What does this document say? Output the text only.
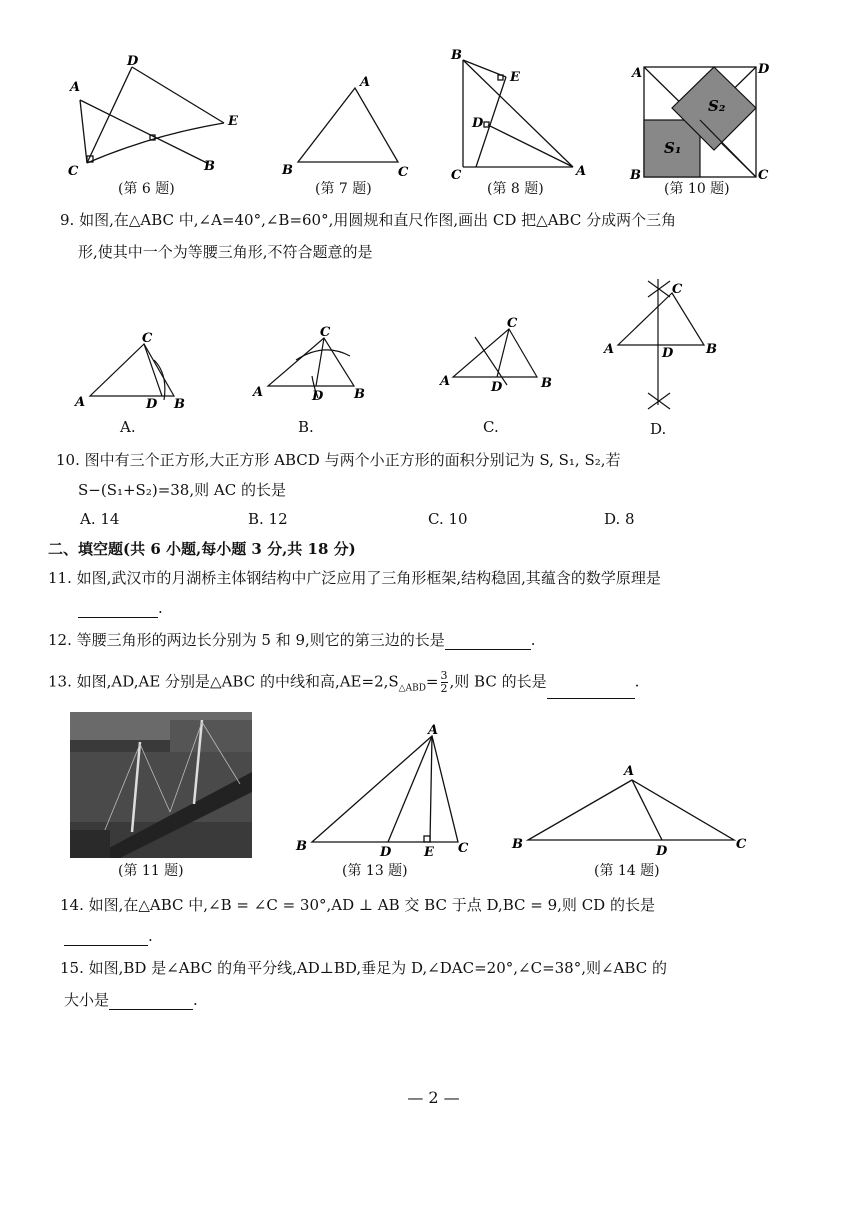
A
D
E
C	B
(第 6 题)
A
B	C
(第 7 题)
B
E
D
C	A
(第 8 题)
A	D
B	C
S₂
S₁
(第 10 题)
9. 如图,在△ABC 中,∠A=40°,∠B=60°,用圆规和直尺作图,画出 CD 把△ABC 分成两个三角
形,使其中一个为等腰三角形,不符合题意的是
C
A	D B
A.
C
A	D B
B.
C
A	D	B
C.
C
A	D	B
D.
10. 图中有三个正方形,大正方形 ABCD 与两个小正方形的面积分别记为 S, S₁, S₂,若
S−(S₁+S₂)=38,则 AC 的长是
A. 14	B. 12	C. 10	D. 8
二、填空题(共 6 小题,每小题 3 分,共 18 分)
11. 如图,武汉市的月湖桥主体钢结构中广泛应用了三角形框架,结构稳固,其蕴含的数学原理是
.
12. 等腰三角形的两边长分别为 5 和 9,则它的第三边的长是	.
13. 如图,AD,AE 分别是△ABC 的中线和高$,AE=2,S_{\triangle ABD}= \frac{3}{2}$ ,则 BC 的长是	.
(第 11 题)
A
B	D	E C
(第 13 题)
A
B	D	C
(第 14 题)
14. 如图,在△ABC 中,∠B = ∠C = 30°,AD ⊥ AB 交 BC 于点 D,BC = 9,则 CD 的长是
.
15. 如图,BD 是∠ABC 的角平分线,AD⊥BD,垂足为 D,∠DAC=20°,∠C=38°,则∠ABC 的
大小是	.
— 2 —
